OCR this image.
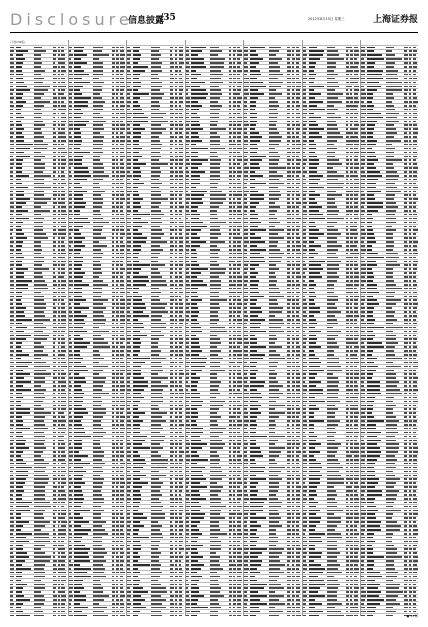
Disclosure
信息披露
/35	2012年8月15日 星期三	上海证券报
(下转C36版)
■ 35 版
